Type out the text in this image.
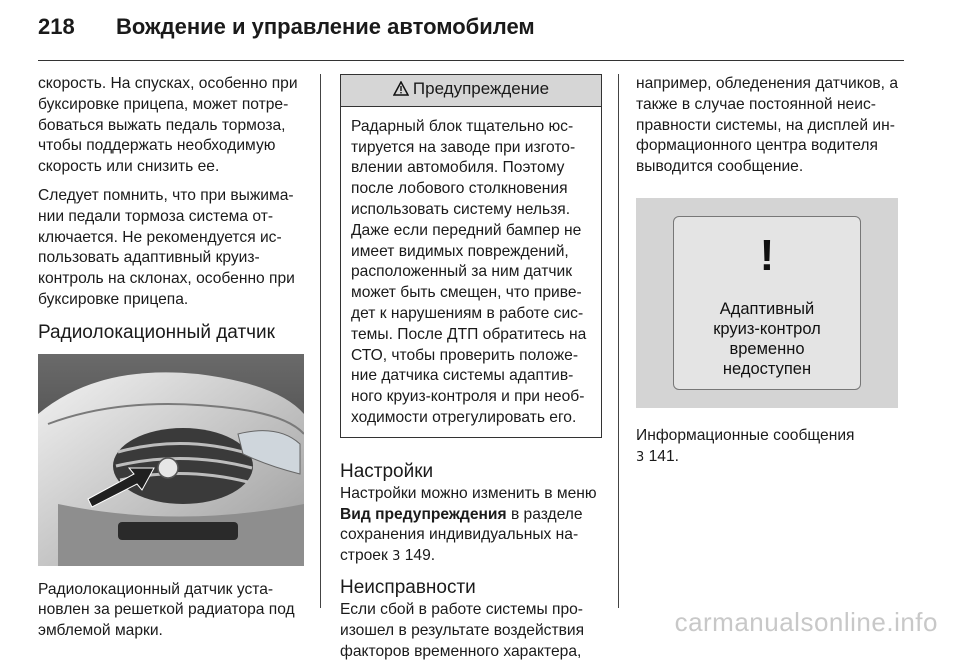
218 Вождение и управление автомобилем

скорость. На спусках, особенно при буксировке прицепа, может потребоваться выжать педаль тормоза, чтобы поддержать необходимую скорость или снизить ее.

Следует помнить, что при выжимании педали тормоза система отключается. Не рекомендуется использовать адаптивный круиз-контроль на склонах, особенно при буксировке прицепа.

Радиолокационный датчик

Радиолокационный датчик установлен за решеткой радиатора под эмблемой марки.

Предупреждение
Радарный блок тщательно юстируется на заводе при изготовлении автомобиля. Поэтому после лобового столкновения использовать систему нельзя. Даже если передний бампер не имеет видимых повреждений, расположенный за ним датчик может быть смещен, что приведет к нарушениям в работе системы. После ДТП обратитесь на СТО, чтобы проверить положение датчика системы адаптивного круиз-контроля и при необходимости отрегулировать его.
Настройки

Настройки можно изменить в меню Вид предупреждения в разделе сохранения индивидуальных настроек 3 149.

Неисправности

Если сбой в работе системы произошел в результате воздействия факторов временного характера,

например, обледенения датчиков, а также в случае постоянной неисправности системы, на дисплей информационного центра водителя выводится сообщение.

!
Адаптивный
круиз-контрол
временно
недоступен

Информационные сообщения
3 141.

carmanualsonline.info
